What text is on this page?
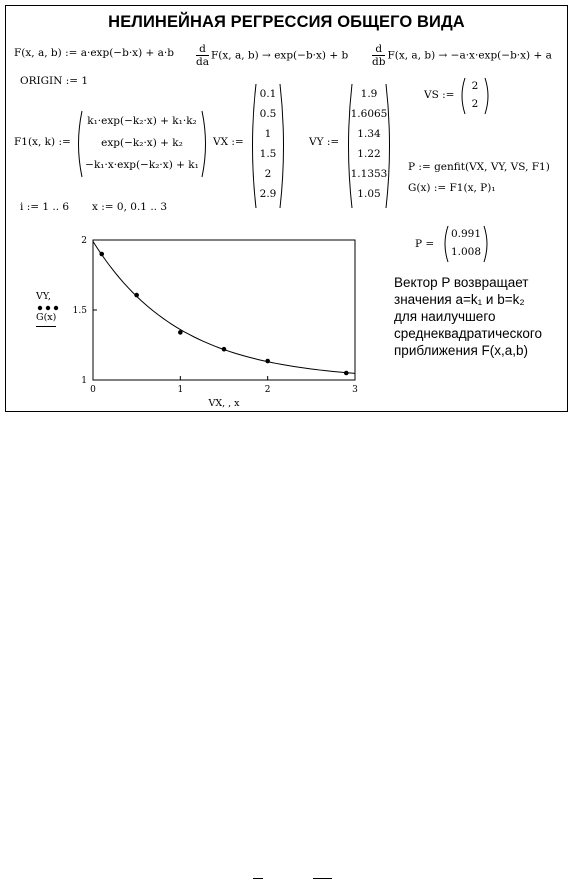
НЕЛИНЕЙНАЯ РЕГРЕССИЯ ОБЩЕГО ВИДА
F(x, a, b) := $a\cdot\exp(-b\cdot x) + a\cdot b \frac{d}{da} F(x$, a, b) → exp(−b·x) + b $\frac{d}{db} F(x$, a, b) → −a·x·exp(−b·x) + a
ORIGIN := 1
F1(x, k) :=
k₁·exp(−k₂·x) + k₁·k₂
exp(−k₂·x) + k₂
−k₁·x·exp(−k₂·x) + k₁
VX :=
0.1
0.5
1
1.5
2
2.9
VY :=
1.9
1.6065
1.34
1.22
1.1353
1.05
VS :=
2
2
P := genfit(VX, VY, VS, F1)
G(x) := F1(x, P)₁
i := 1 .. 6 x := 0, 0.1 .. 3
P =
0.991
1.008
VY,
G(x)
0	1	2	3
1
1.5
2
VX, , x
Вектор P возвращает
значения a=k₁ и b=k₂
для наилучшего
среднеквадратического
приближения F(x,a,b)
